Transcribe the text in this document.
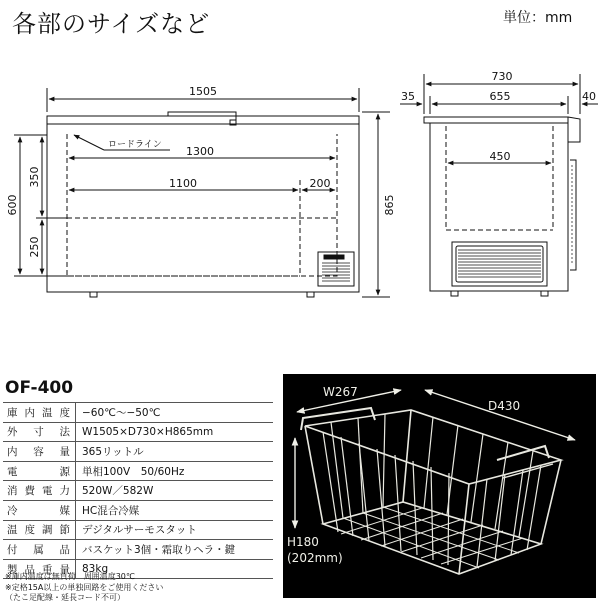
各部のサイズなど	単位：mm
1505
1300
1100	200
ロードライン
865
600
350
250
730
35	655	40
450
OF-400
庫内温度	−60℃～−50℃
外寸法	W1505×D730×H865mm
内容量	365リットル
電源	単相100V　50/60Hz
消費電力	520W／582W
冷媒	HC混合冷媒
温度調節	デジタルサーモスタット
付属品	バスケット3個・霜取りヘラ・鍵
製品重量	83kg
※庫内温度は無負荷　周囲温度30℃
※定格15A以上の単独回路をご使用ください
（たこ足配線・延長コード不可）
W267
D430
H180
(202mm)
